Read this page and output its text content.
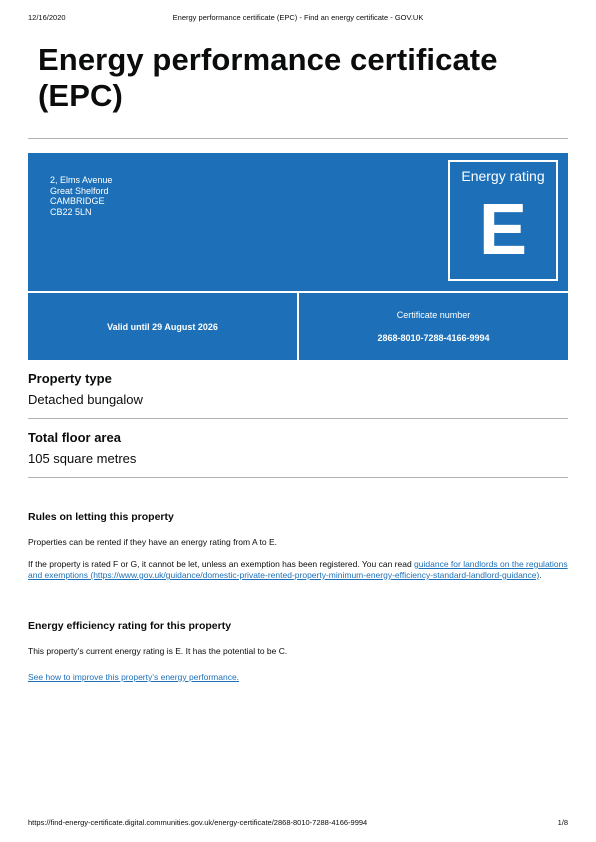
12/16/2020	Energy performance certificate (EPC) - Find an energy certificate - GOV.UK
Energy performance certificate (EPC)
2, Elms Avenue
Great Shelford
CAMBRIDGE
CB22 5LN
Energy rating
E
Valid until 29 August 2026
Certificate number
2868-8010-7288-4166-9994
Property type

Detached bungalow

Total floor area

105 square metres

Rules on letting this property

Properties can be rented if they have an energy rating from A to E.

If the property is rated F or G, it cannot be let, unless an exemption has been registered. You can read guidance for landlords on the regulations and exemptions (https://www.gov.uk/guidance/domestic-private-rented-property-minimum-energy-efficiency-standard-landlord-guidance).

Energy efficiency rating for this property

This property’s current energy rating is E. It has the potential to be C.

See how to improve this property’s energy performance.

https://find-energy-certificate.digital.communities.gov.uk/energy-certificate/2868-8010-7288-4166-9994	1/8
